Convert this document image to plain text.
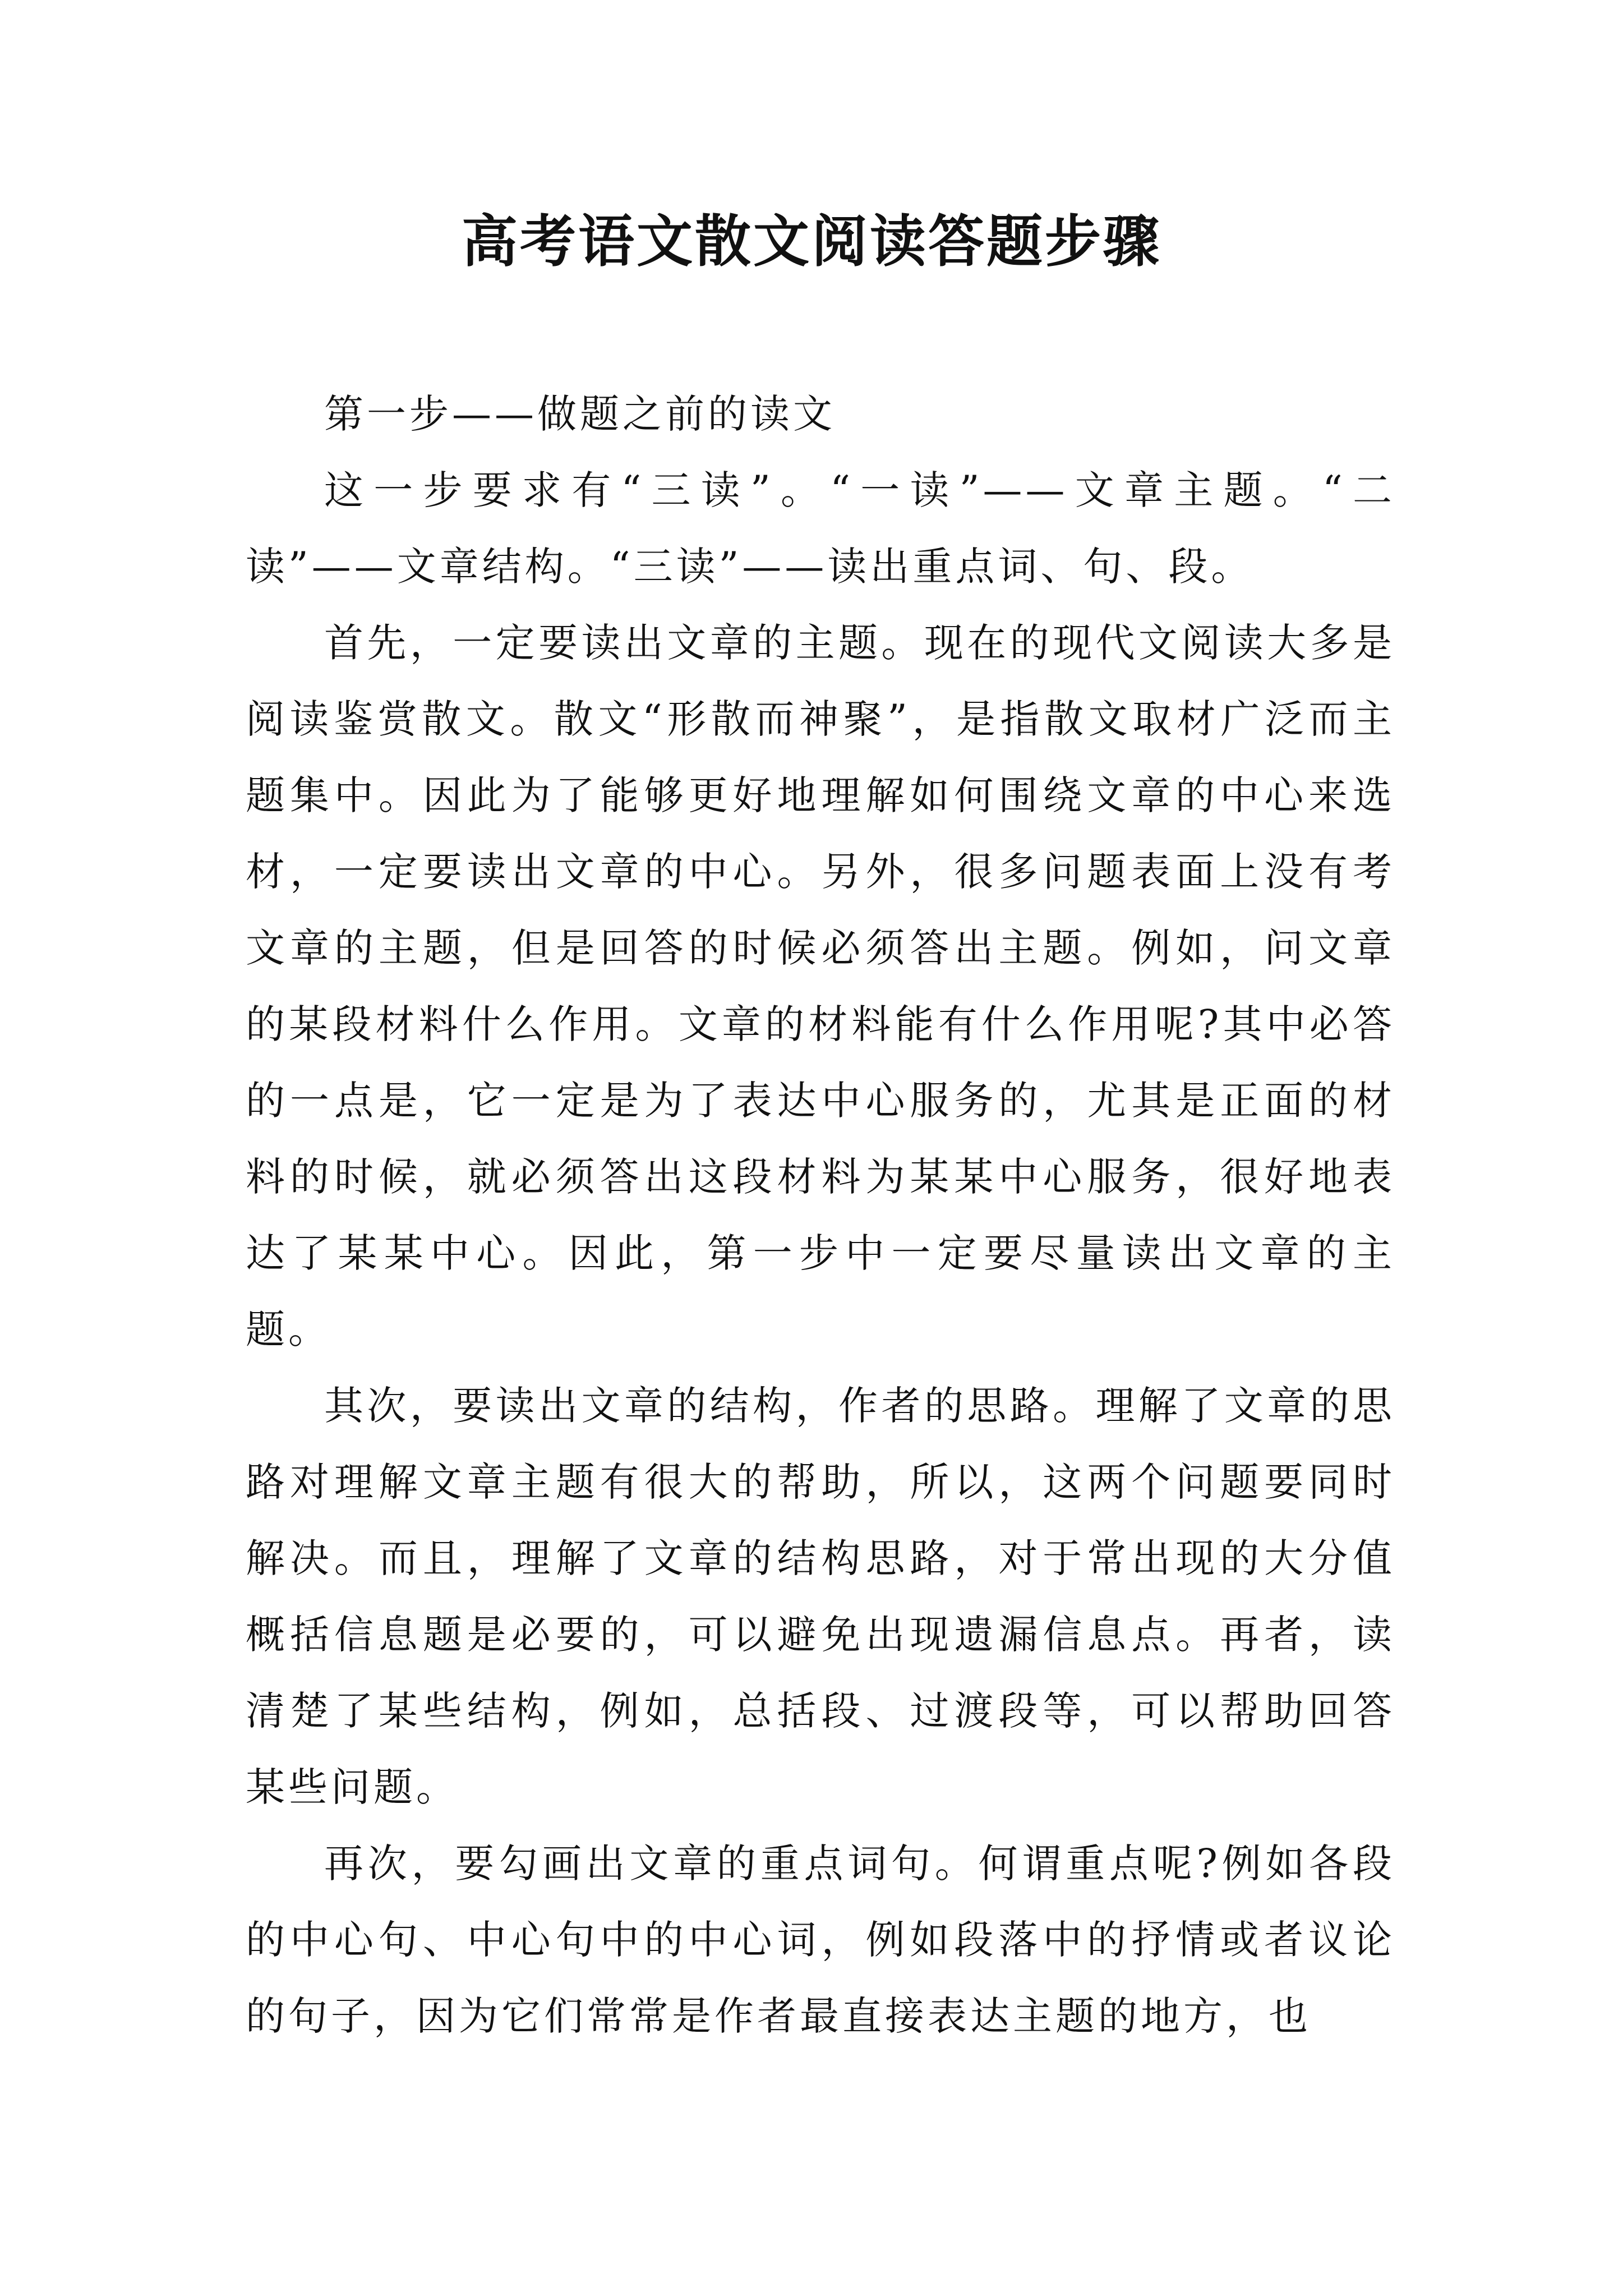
高考语文散文阅读答题步骤

第一步——做题之前的读文

这一步要求有“三读”。“一读”——文章主题。“二读”——文章结构。“三读”——读出重点词、句、段。

首先，一定要读出文章的主题。现在的现代文阅读大多是阅读鉴赏散文。散文“形散而神聚”，是指散文取材广泛而主题集中。因此为了能够更好地理解如何围绕文章的中心来选材，一定要读出文章的中心。另外，很多问题表面上没有考文章的主题，但是回答的时候必须答出主题。例如，问文章的某段材料什么作用。文章的材料能有什么作用呢?其中必答的一点是，它一定是为了表达中心服务的，尤其是正面的材料的时候，就必须答出这段材料为某某中心服务，很好地表达了某某中心。因此，第一步中一定要尽量读出文章的主题。

其次，要读出文章的结构，作者的思路。理解了文章的思路对理解文章主题有很大的帮助，所以，这两个问题要同时解决。而且，理解了文章的结构思路，对于常出现的大分值概括信息题是必要的，可以避免出现遗漏信息点。再者，读清楚了某些结构，例如，总括段、过渡段等，可以帮助回答某些问题。

再次，要勾画出文章的重点词句。何谓重点呢?例如各段的中心句、中心句中的中心词，例如段落中的抒情或者议论的句子，因为它们常常是作者最直接表达主题的地方，也
